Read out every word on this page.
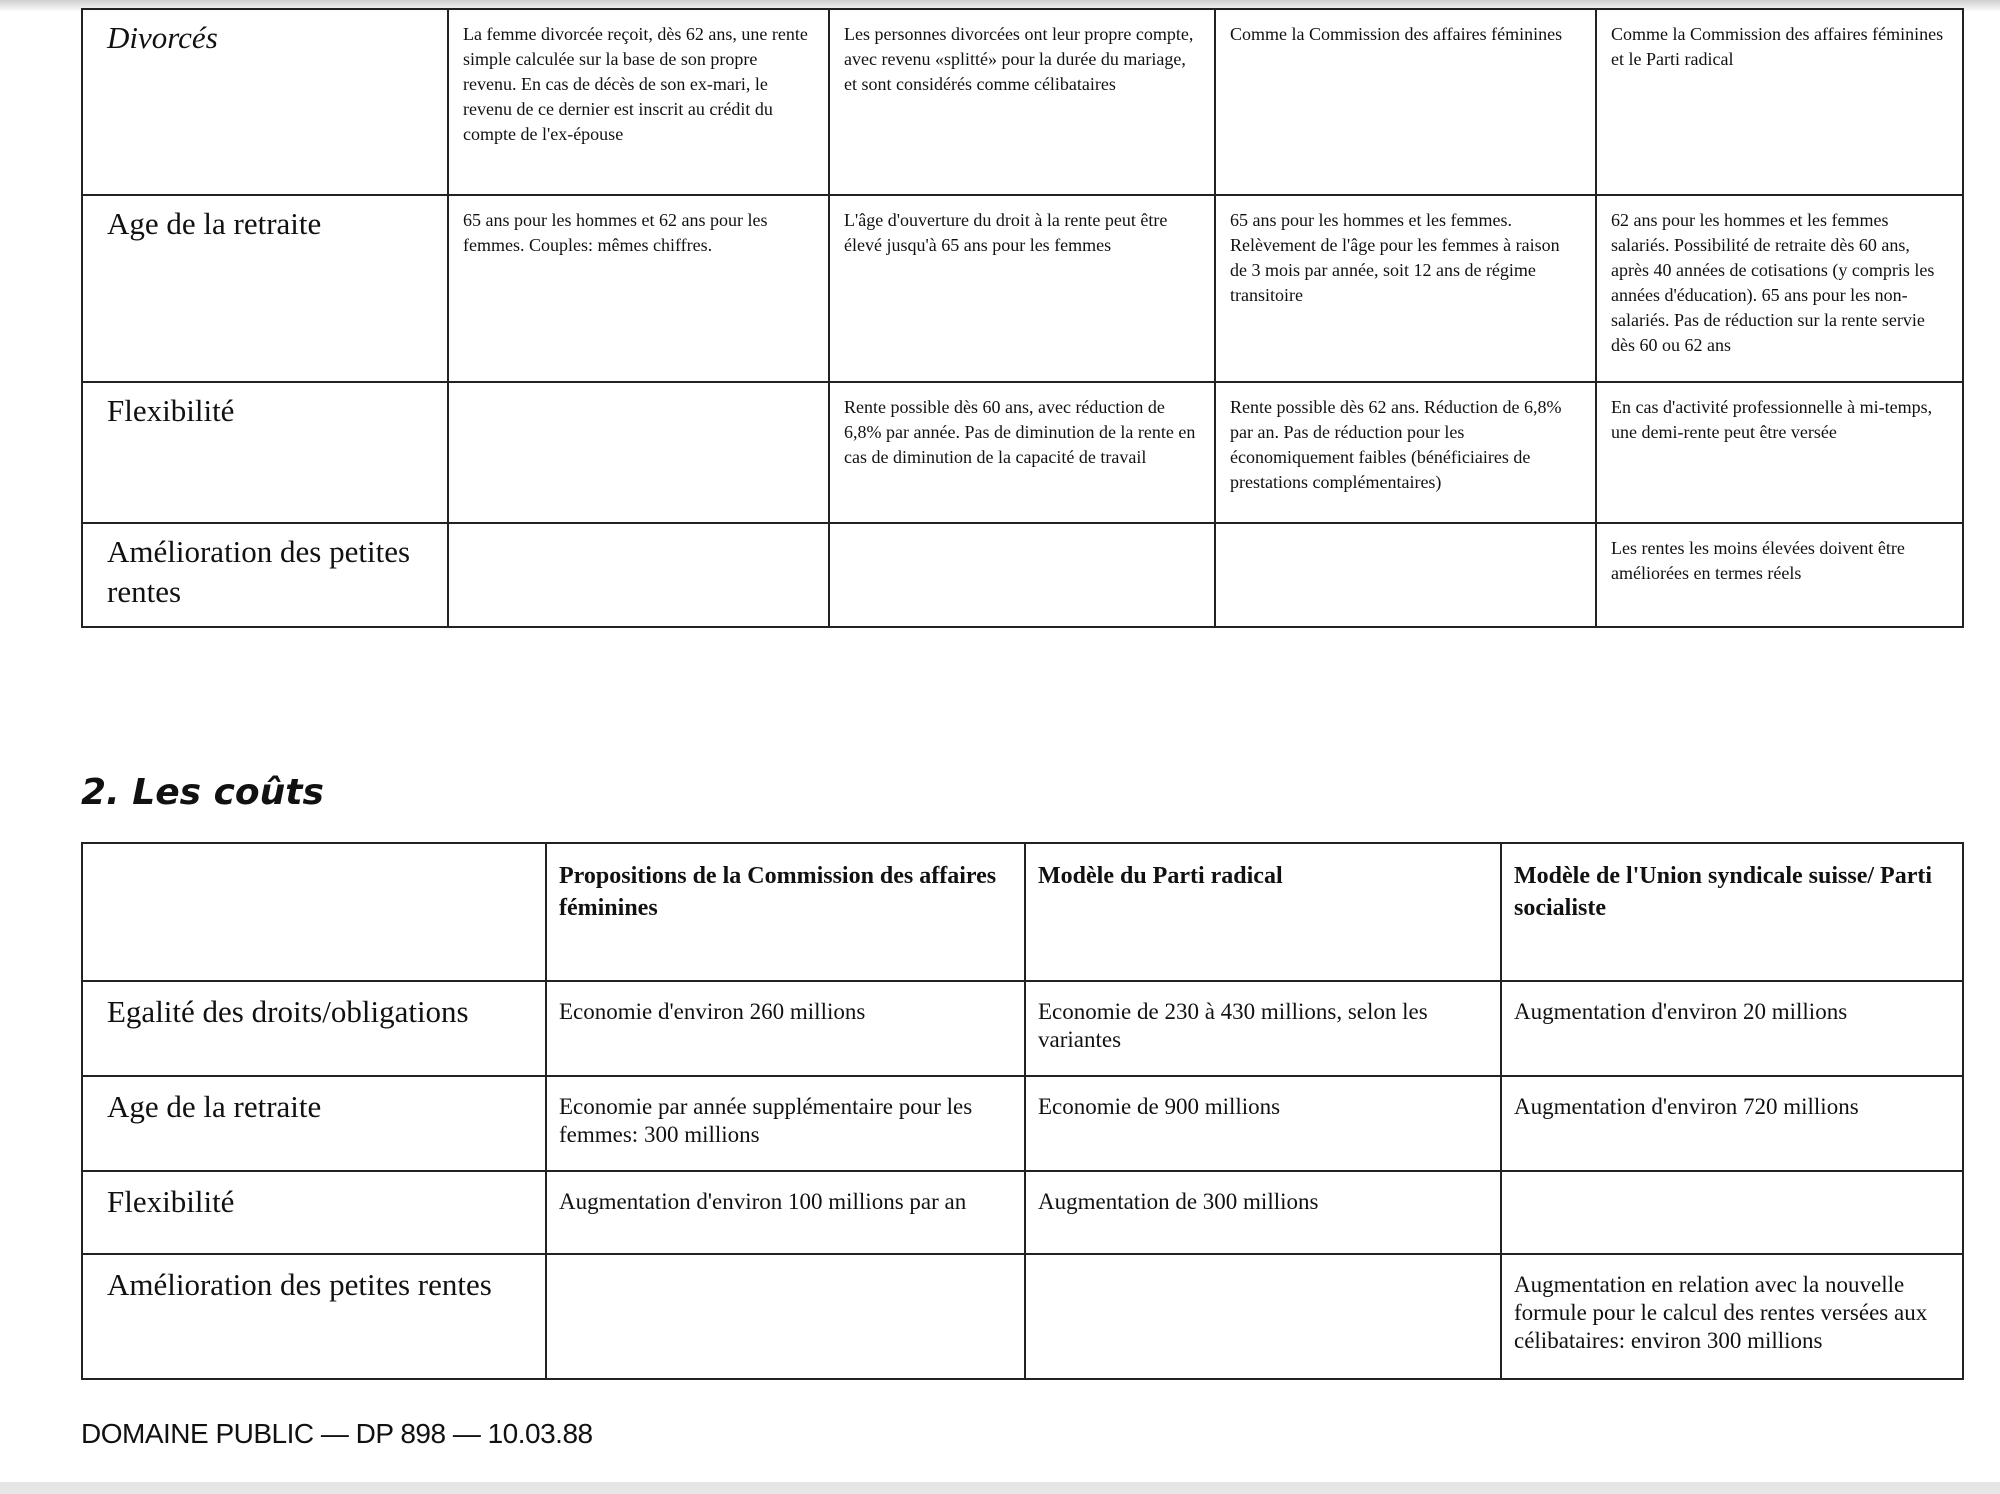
Divorcés	La femme divorcée reçoit, dès 62 ans, une rente simple calculée sur la base de son propre revenu. En cas de décès de son ex-mari, le revenu de ce dernier est inscrit au crédit du compte de l'ex-épouse	Les personnes divorcées ont leur propre compte, avec revenu «splitté» pour la durée du mariage, et sont considérés comme célibataires	Comme la Commission des affaires féminines	Comme la Commission des affaires féminines et le Parti radical
Age de la retraite	65 ans pour les hommes et 62 ans pour les femmes. Couples: mêmes chiffres.	L'âge d'ouverture du droit à la rente peut être élevé jusqu'à 65 ans pour les femmes	65 ans pour les hommes et les femmes. Relèvement de l'âge pour les femmes à raison de 3 mois par année, soit 12 ans de régime transitoire	62 ans pour les hommes et les femmes salariés. Possibilité de retraite dès 60 ans, après 40 années de cotisations (y compris les années d'éducation). 65 ans pour les non-salariés. Pas de réduction sur la rente servie dès 60 ou 62 ans
Flexibilité		Rente possible dès 60 ans, avec réduction de 6,8% par année. Pas de diminution de la rente en cas de diminution de la capacité de travail	Rente possible dès 62 ans. Réduction de 6,8% par an. Pas de réduction pour les économiquement faibles (bénéficiaires de prestations complémentaires)	En cas d'activité professionnelle à mi-temps, une demi-rente peut être versée
Amélioration des petites rentes				Les rentes les moins élevées doivent être améliorées en termes réels
2. Les coûts
	Propositions de la Commission des affaires féminines	Modèle du Parti radical	Modèle de l'Union syndicale suisse/ Parti socialiste
Egalité des droits/obligations	Economie d'environ 260 millions	Economie de 230 à 430 millions, selon les variantes	Augmentation d'environ 20 millions
Age de la retraite	Economie par année supplémentaire pour les femmes: 300 millions	Economie de 900 millions	Augmentation d'environ 720 millions
Flexibilité	Augmentation d'environ 100 millions par an	Augmentation de 300 millions	
Amélioration des petites rentes			Augmentation en relation avec la nouvelle formule pour le calcul des rentes versées aux célibataires: environ 300 millions
DOMAINE PUBLIC — DP 898 — 10.03.88
